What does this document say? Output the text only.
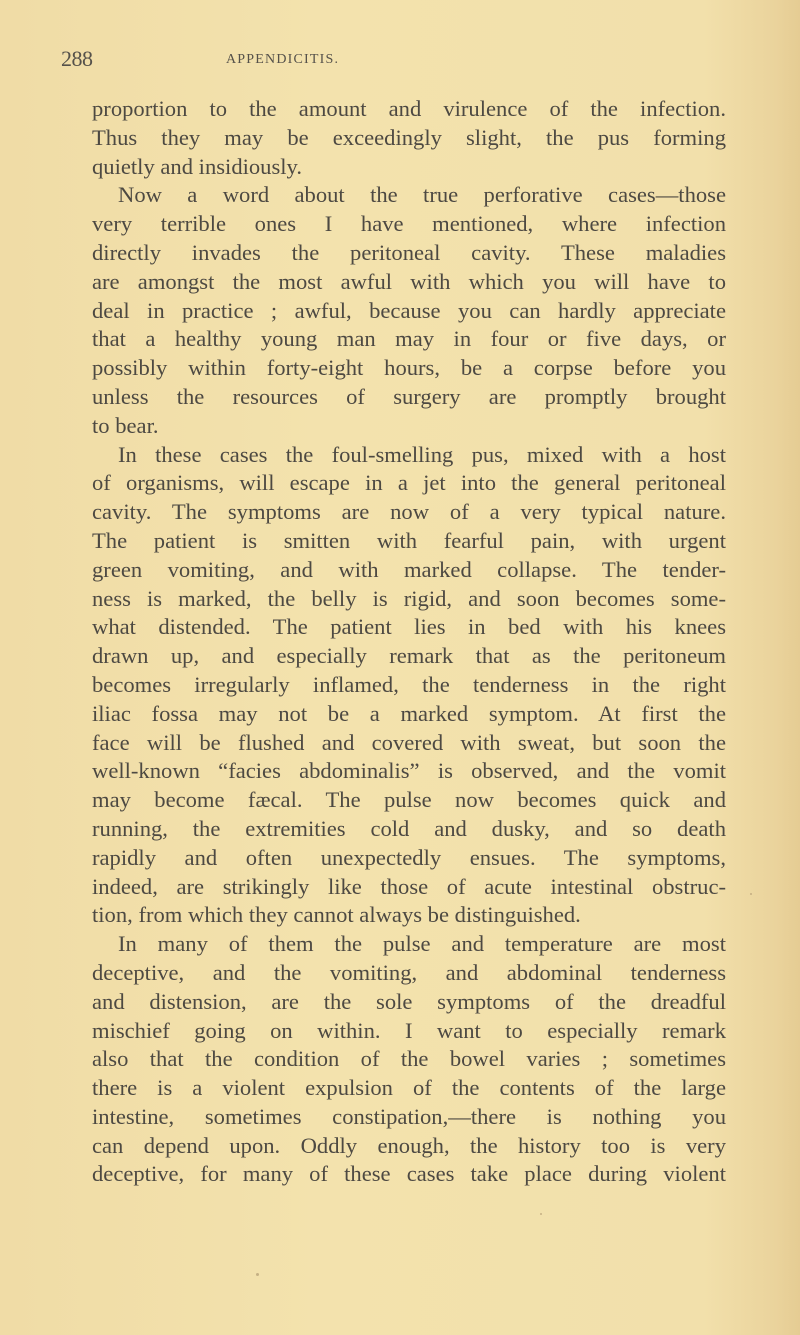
288	APPENDICITIS.
proportion to the amount and virulence of the infection.
Thus they may be exceedingly slight, the pus forming
quietly and insidiously.
Now a word about the true perforative cases—those
very terrible ones I have mentioned, where infection
directly invades the peritoneal cavity. These maladies
are amongst the most awful with which you will have to
deal in practice ; awful, because you can hardly appreciate
that a healthy young man may in four or five days, or
possibly within forty-eight hours, be a corpse before you
unless the resources of surgery are promptly brought
to bear.
In these cases the foul-smelling pus, mixed with a host
of organisms, will escape in a jet into the general peritoneal
cavity. The symptoms are now of a very typical nature.
The patient is smitten with fearful pain, with urgent
green vomiting, and with marked collapse. The tender-
ness is marked, the belly is rigid, and soon becomes some-
what distended. The patient lies in bed with his knees
drawn up, and especially remark that as the peritoneum
becomes irregularly inflamed, the tenderness in the right
iliac fossa may not be a marked symptom. At first the
face will be flushed and covered with sweat, but soon the
well-known “facies abdominalis” is observed, and the vomit
may become fæcal. The pulse now becomes quick and
running, the extremities cold and dusky, and so death
rapidly and often unexpectedly ensues. The symptoms,
indeed, are strikingly like those of acute intestinal obstruc-
tion, from which they cannot always be distinguished.
In many of them the pulse and temperature are most
deceptive, and the vomiting, and abdominal tenderness
and distension, are the sole symptoms of the dreadful
mischief going on within. I want to especially remark
also that the condition of the bowel varies ; sometimes
there is a violent expulsion of the contents of the large
intestine, sometimes constipation,—there is nothing you
can depend upon. Oddly enough, the history too is very
deceptive, for many of these cases take place during violent
